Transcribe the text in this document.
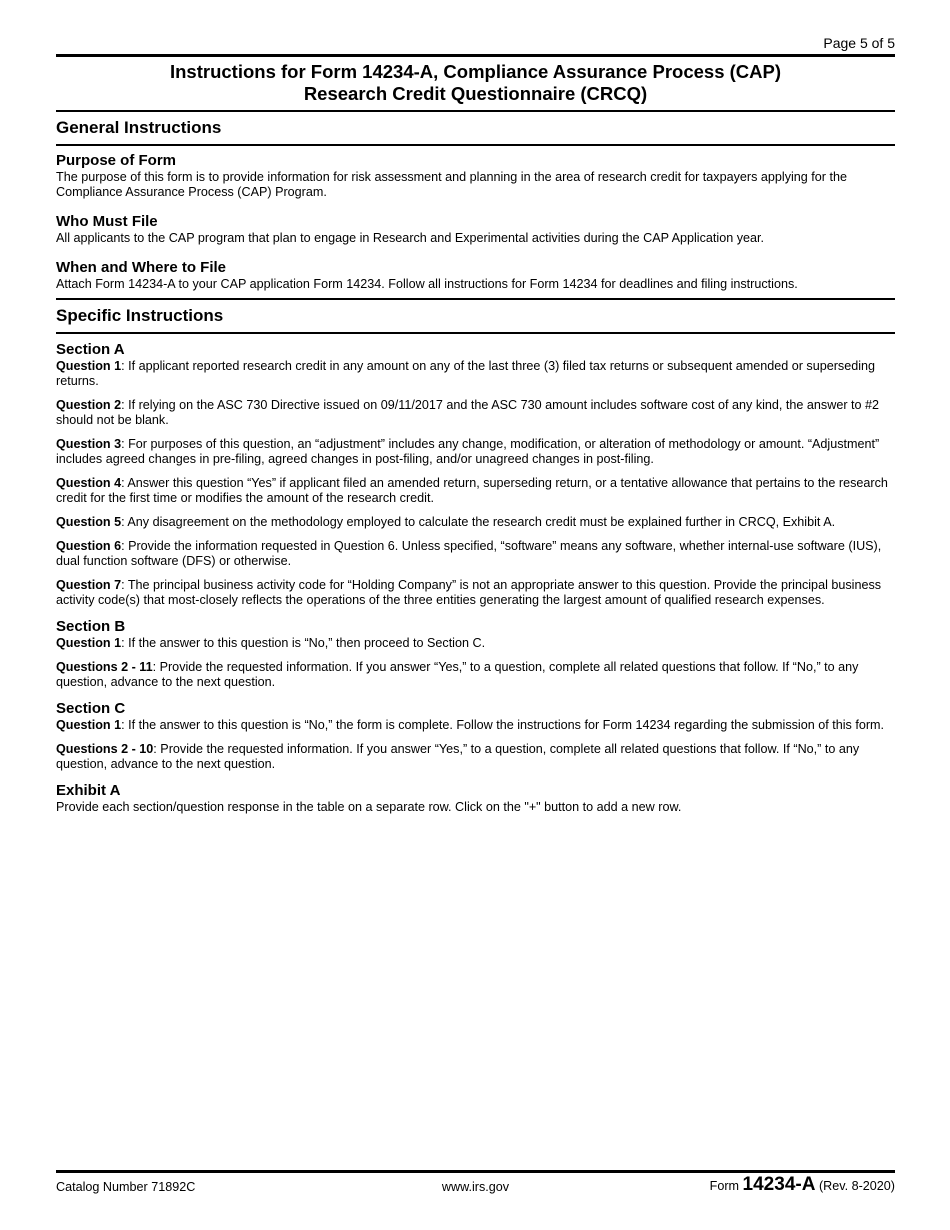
Page 5 of 5
Instructions for Form 14234-A, Compliance Assurance Process (CAP)
Research Credit Questionnaire (CRCQ)
General Instructions
Purpose of Form

The purpose of this form is to provide information for risk assessment and planning in the area of research credit for taxpayers applying for the Compliance Assurance Process (CAP) Program.

Who Must File

All applicants to the CAP program that plan to engage in Research and Experimental activities during the CAP Application year.

When and Where to File

Attach Form 14234-A to your CAP application Form 14234. Follow all instructions for Form 14234 for deadlines and filing instructions.

Specific Instructions
Section A

Question 1: If applicant reported research credit in any amount on any of the last three (3) filed tax returns or subsequent amended or superseding returns.

Question 2: If relying on the ASC 730 Directive issued on 09/11/2017 and the ASC 730 amount includes software cost of any kind, the answer to #2 should not be blank.

Question 3: For purposes of this question, an “adjustment” includes any change, modification, or alteration of methodology or amount. “Adjustment” includes agreed changes in pre-filing, agreed changes in post-filing, and/or unagreed changes in post-filing.

Question 4: Answer this question “Yes” if applicant filed an amended return, superseding return, or a tentative allowance that pertains to the research credit for the first time or modifies the amount of the research credit.

Question 5: Any disagreement on the methodology employed to calculate the research credit must be explained further in CRCQ, Exhibit A.

Question 6: Provide the information requested in Question 6. Unless specified, “software” means any software, whether internal-use software (IUS), dual function software (DFS) or otherwise.

Question 7: The principal business activity code for “Holding Company” is not an appropriate answer to this question. Provide the principal business activity code(s) that most-closely reflects the operations of the three entities generating the largest amount of qualified research expenses.

Section B

Question 1: If the answer to this question is “No,” then proceed to Section C.

Questions 2 - 11: Provide the requested information. If you answer “Yes,” to a question, complete all related questions that follow. If “No,” to any question, advance to the next question.

Section C

Question 1: If the answer to this question is “No,” the form is complete. Follow the instructions for Form 14234 regarding the submission of this form.

Questions 2 - 10: Provide the requested information. If you answer “Yes,” to a question, complete all related questions that follow. If “No,” to any question, advance to the next question.

Exhibit A

Provide each section/question response in the table on a separate row. Click on the "+" button to add a new row.

Catalog Number 71892C	www.irs.gov	Form 14234-A (Rev. 8-2020)
